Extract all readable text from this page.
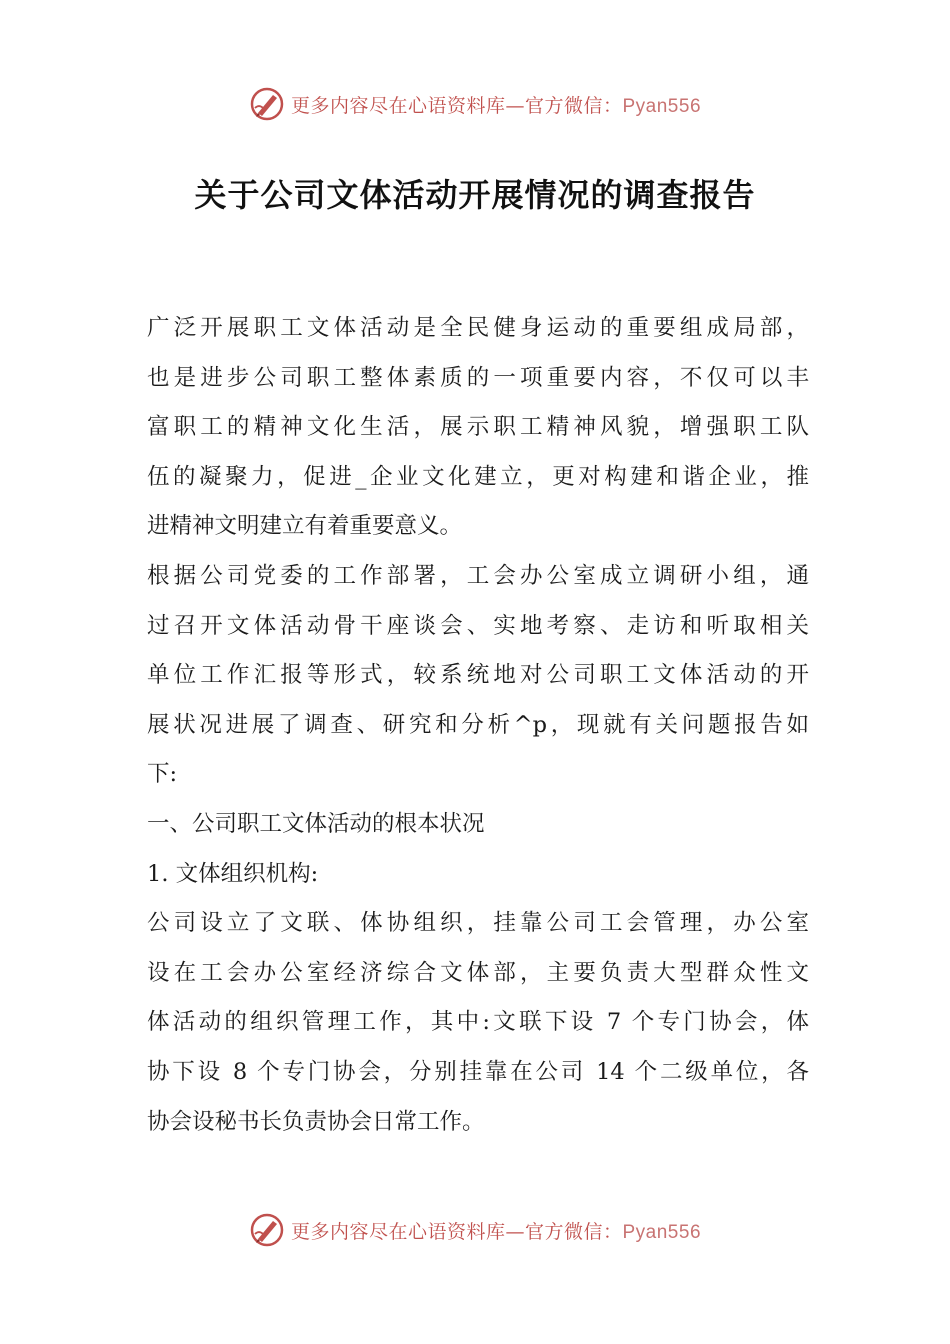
更多内容尽在心语资料库—官方微信：Pyan556
关于公司文体活动开展情况的调查报告
广泛开展职工文体活动是全民健身运动的重要组成局部，
也是进步公司职工整体素质的一项重要内容，不仅可以丰
富职工的精神文化生活，展示职工精神风貌，增强职工队
伍的凝聚力，促进_企业文化建立，更对构建和谐企业，推
进精神文明建立有着重要意义。
根据公司党委的工作部署，工会办公室成立调研小组，通
过召开文体活动骨干座谈会、实地考察、走访和听取相关
单位工作汇报等形式，较系统地对公司职工文体活动的开
展状况进展了调查、研究和分析^p，现就有关问题报告如
下:
一、公司职工文体活动的根本状况
1. 文体组织机构:
公司设立了文联、体协组织，挂靠公司工会管理，办公室
设在工会办公室经济综合文体部，主要负责大型群众性文
体活动的组织管理工作，其中:文联下设 7 个专门协会，体
协下设 8 个专门协会，分别挂靠在公司 14 个二级单位，各
协会设秘书长负责协会日常工作。
更多内容尽在心语资料库—官方微信：Pyan556
